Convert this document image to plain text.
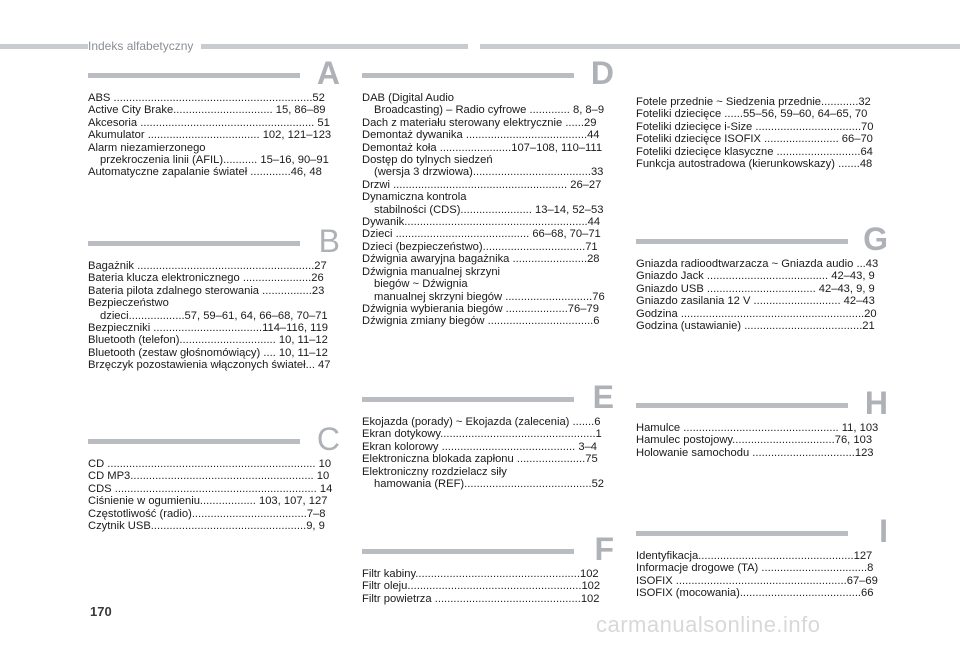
Indeks alfabetyczny
A
ABS ................................................................52
Active City Brake................................ 15, 86–89
Akcesoria ........................................................ 51
Akumulator .................................... 102, 121–123
Alarm niezamierzonego
przekroczenia linii (AFIL)........... 15–16, 90–91
Automatyczne zapalanie świateł .............46, 48
B
Bagażnik .........................................................27
Bateria klucza elektronicznego ......................26
Bateria pilota zdalnego sterowania ................23
Bezpieczeństwo
dzieci..................57, 59–61, 64, 66–68, 70–71
Bezpieczniki ...................................114–116, 119
Bluetooth (telefon)............................... 10, 11–12
Bluetooth (zestaw głośnomówiący) .... 10, 11–12
Brzęczyk pozostawienia włączonych świateł... 47
C
CD ................................................................... 10
CD MP3........................................................... 10
CDS ................................................................. 14
Ciśnienie w ogumieniu.................. 103, 107, 127
Częstotliwość (radio).....................................7–8
Czytnik USB..................................................9, 9
D
DAB (Digital Audio
Broadcasting) – Radio cyfrowe ............. 8, 8–9
Dach z materiału sterowany elektrycznie ......29
Demontaż dywanika .......................................44
Demontaż koła .......................107–108, 110–111
Dostęp do tylnych siedzeń
(wersja 3 drzwiowa)......................................33
Drzwi ........................................................ 26–27
Dynamiczna kontrola
stabilności (CDS)....................... 13–14, 52–53
Dywanik...........................................................44
Dzieci ........................................... 66–68, 70–71
Dzieci (bezpieczeństwo).................................71
Dźwignia awaryjna bagażnika ........................28
Dźwignia manualnej skrzyni
biegów ~ Dźwignia
manualnej skrzyni biegów ............................76
Dźwignia wybierania biegów ....................76–79
Dźwignia zmiany biegów ..................................6
E
Ekojazda (porady) ~ Ekojazda (zalecenia) .......6
Ekran dotykowy..................................................1
Ekran kolorowy ........................................... 3–4
Elektroniczna blokada zapłonu ......................75
Elektroniczny rozdzielacz siły
hamowania (REF).........................................52
F
Filtr kabiny.....................................................102
Filtr oleju........................................................102
Filtr powietrza ...............................................102
Fotele przednie ~ Siedzenia przednie............32
Foteliki dziecięce ......55–56, 59–60, 64–65, 70
Foteliki dziecięce i-Size ..................................70
Foteliki dziecięce ISOFIX ........................ 66–70
Foteliki dziecięce klasyczne ...........................64
Funkcja autostradowa (kierunkowskazy) .......48
G
Gniazda radioodtwarzacza ~ Gniazda audio ...43
Gniazdo Jack ....................................... 42–43, 9
Gniazdo USB ................................... 42–43, 9, 9
Gniazdo zasilania 12 V ............................ 42–43
Godzina ...........................................................20
Godzina (ustawianie) ......................................21
H
Hamulce .................................................. 11, 103
Hamulec postojowy.................................76, 103
Holowanie samochodu .................................123
I
Identyfikacja..................................................127
Informacje drogowe (TA) ..................................8
ISOFIX .......................................................67–69
ISOFIX (mocowania).......................................66
170
carmanualsonline.info
